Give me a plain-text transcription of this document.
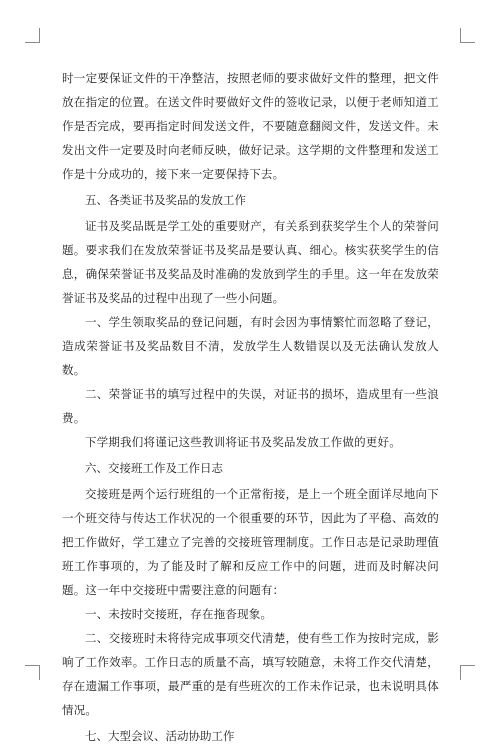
时一定要保证文件的干净整洁，按照老师的要求做好文件的整理，把文件放在指定的位置。在送文件时要做好文件的签收记录，以便于老师知道工作是否完成，要再指定时间发送文件，不要随意翻阅文件，发送文件。未发出文件一定要及时向老师反映，做好记录。这学期的文件整理和发送工作是十分成功的，接下来一定要保持下去。

五、各类证书及奖品的发放工作

证书及奖品既是学工处的重要财产，有关系到获奖学生个人的荣誉问题。要求我们在发放荣誉证书及奖品是要认真、细心。核实获奖学生的信息，确保荣誉证书及奖品及时准确的发放到学生的手里。这一年在发放荣誉证书及奖品的过程中出现了一些小问题。

一、学生领取奖品的登记问题，有时会因为事情繁忙而忽略了登记，造成荣誉证书及奖品数目不清，发放学生人数错误以及无法确认发放人数。

二、荣誉证书的填写过程中的失误，对证书的损坏，造成里有一些浪费。

下学期我们将谨记这些教训将证书及奖品发放工作做的更好。

六、交接班工作及工作日志

交接班是两个运行班组的一个正常衔接，是上一个班全面详尽地向下一个班交待与传达工作状况的一个很重要的环节，因此为了平稳、高效的把工作做好，学工建立了完善的交接班管理制度。工作日志是记录助理值班工作事项的，为了能及时了解和反应工作中的问题，进而及时解决问题。这一年中交接班中需要注意的问题有：

一、未按时交接班，存在拖沓现象。

二、交接班时未将待完成事项交代清楚，使有些工作为按时完成，影响了工作效率。工作日志的质量不高，填写较随意，未将工作交代清楚，存在遗漏工作事项，最严重的是有些班次的工作未作记录，也未说明具体情况。

七、大型会议、活动协助工作
